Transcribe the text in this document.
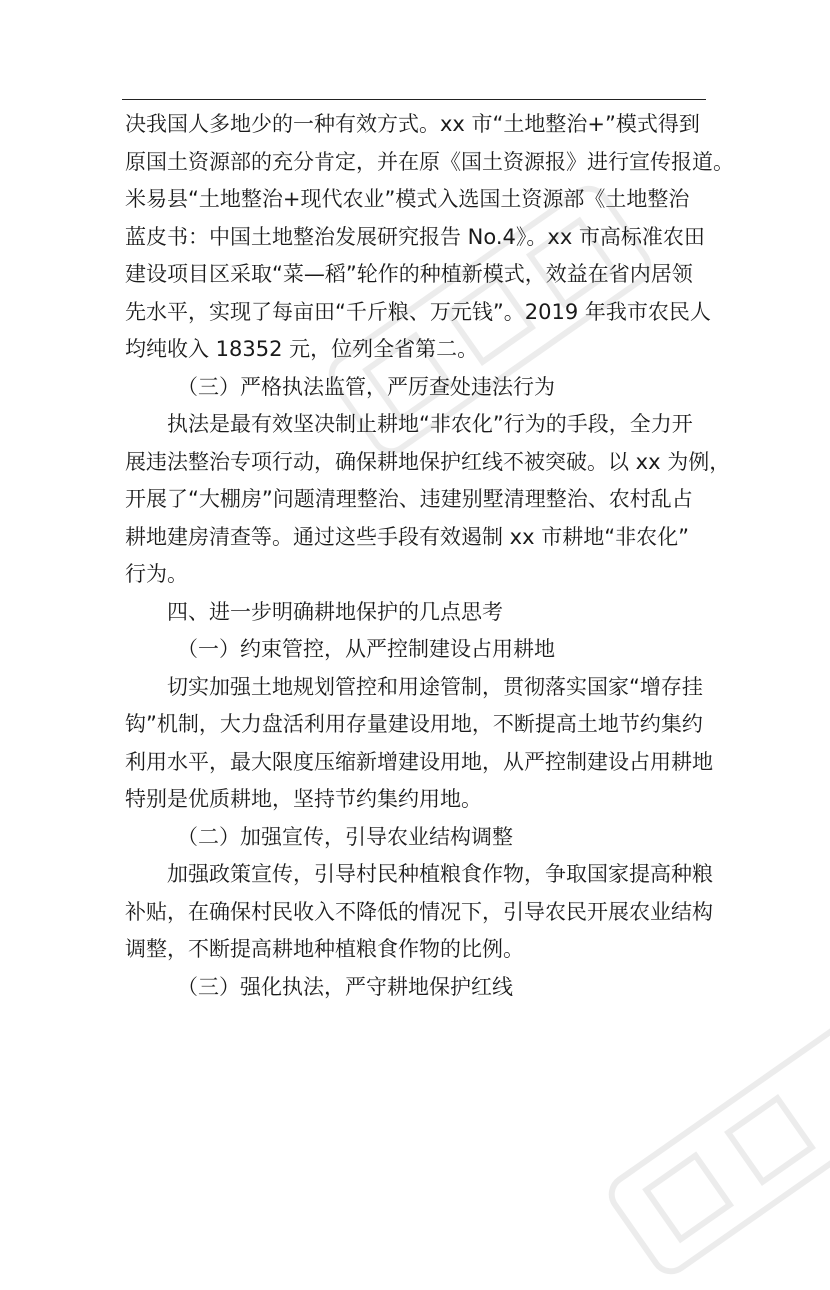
决我国人多地少的一种有效方式。xx 市“土地整治+”模式得到
原国土资源部的充分肯定，并在原《国土资源报》进行宣传报道。
米易县“土地整治+现代农业”模式入选国土资源部《土地整治
蓝皮书：中国土地整治发展研究报告 No.4》。xx 市高标准农田
建设项目区采取“菜—稻”轮作的种植新模式，效益在省内居领
先水平，实现了每亩田“千斤粮、万元钱”。2019 年我市农民人
均纯收入 18352 元，位列全省第二。
（三）严格执法监管，严厉查处违法行为
执法是最有效坚决制止耕地“非农化”行为的手段，全力开
展违法整治专项行动，确保耕地保护红线不被突破。以 xx 为例，
开展了“大棚房”问题清理整治、违建别墅清理整治、农村乱占
耕地建房清查等。通过这些手段有效遏制 xx 市耕地“非农化”
行为。
四、进一步明确耕地保护的几点思考
（一）约束管控，从严控制建设占用耕地
切实加强土地规划管控和用途管制，贯彻落实国家“增存挂
钩”机制，大力盘活利用存量建设用地，不断提高土地节约集约
利用水平，最大限度压缩新增建设用地，从严控制建设占用耕地
特别是优质耕地，坚持节约集约用地。
（二）加强宣传，引导农业结构调整
加强政策宣传，引导村民种植粮食作物，争取国家提高种粮
补贴，在确保村民收入不降低的情况下，引导农民开展农业结构
调整，不断提高耕地种植粮食作物的比例。
（三）强化执法，严守耕地保护红线
